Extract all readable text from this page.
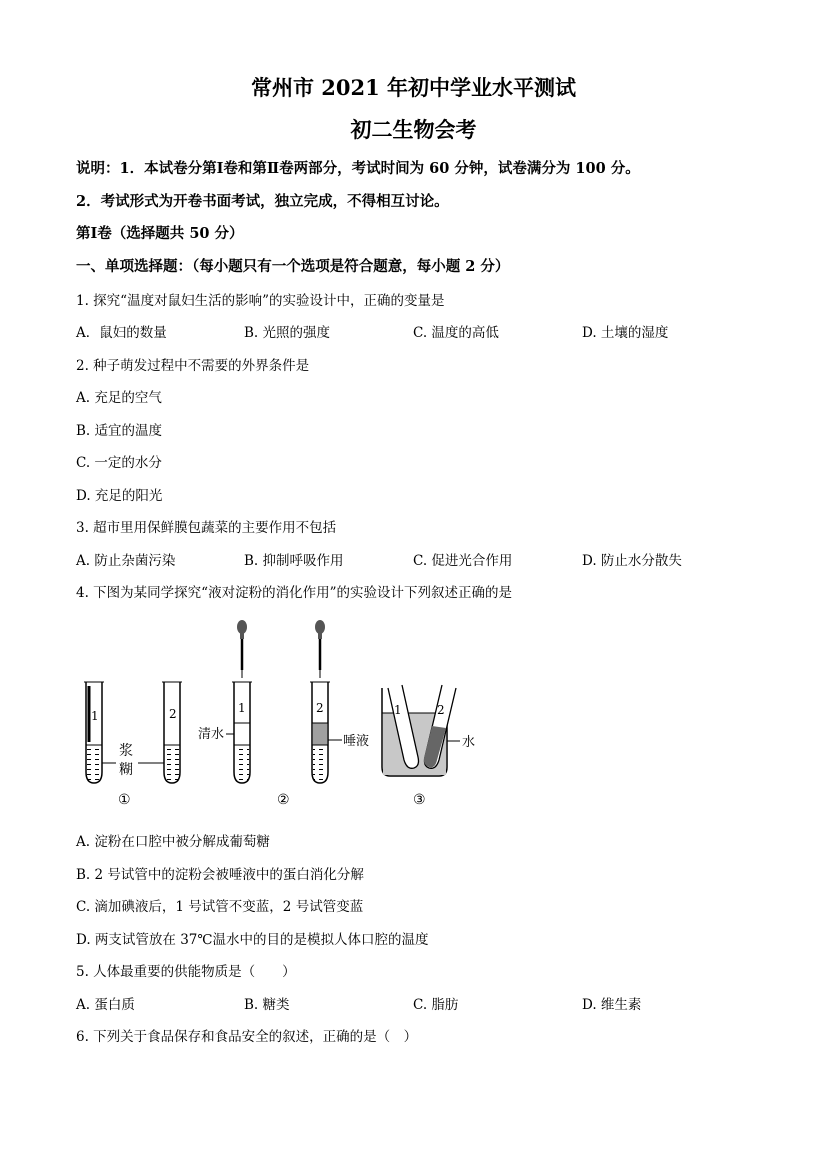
常州市 2021 年初中学业水平测试
初二生物会考
说明：1．本试卷分第Ⅰ卷和第Ⅱ卷两部分，考试时间为 60 分钟，试卷满分为 100 分。
2．考试形式为开卷书面考试，独立完成，不得相互讨论。
第Ⅰ卷（选择题共 50 分）
一、单项选择题：（每小题只有一个选项是符合题意，每小题 2 分）
1. 探究“温度对鼠妇生活的影响”的实验设计中，正确的变量是
A．鼠妇的数量	B. 光照的强度	C. 温度的高低	D. 土壤的湿度
2. 种子萌发过程中不需要的外界条件是
A. 充足的空气
B. 适宜的温度
C. 一定的水分
D. 充足的阳光
3. 超市里用保鲜膜包蔬菜的主要作用不包括
A. 防止杂菌污染	B. 抑制呼吸作用	C. 促进光合作用	D. 防止水分散失
4. 下图为某同学探究“液对淀粉的消化作用”的实验设计下列叙述正确的是
1	2
浆
糊
①
1
清水
2
唾液
②
1	2
水
③
A. 淀粉在口腔中被分解成葡萄糖
B. 2 号试管中的淀粉会被唾液中的蛋白消化分解
C. 滴加碘液后，1 号试管不变蓝，2 号试管变蓝
D. 两支试管放在 37℃温水中的目的是模拟人体口腔的温度
5. 人体最重要的供能物质是（　　）
A. 蛋白质	B. 糖类	C. 脂肪	D. 维生素
6. 下列关于食品保存和食品安全的叙述，正确的是（　）
